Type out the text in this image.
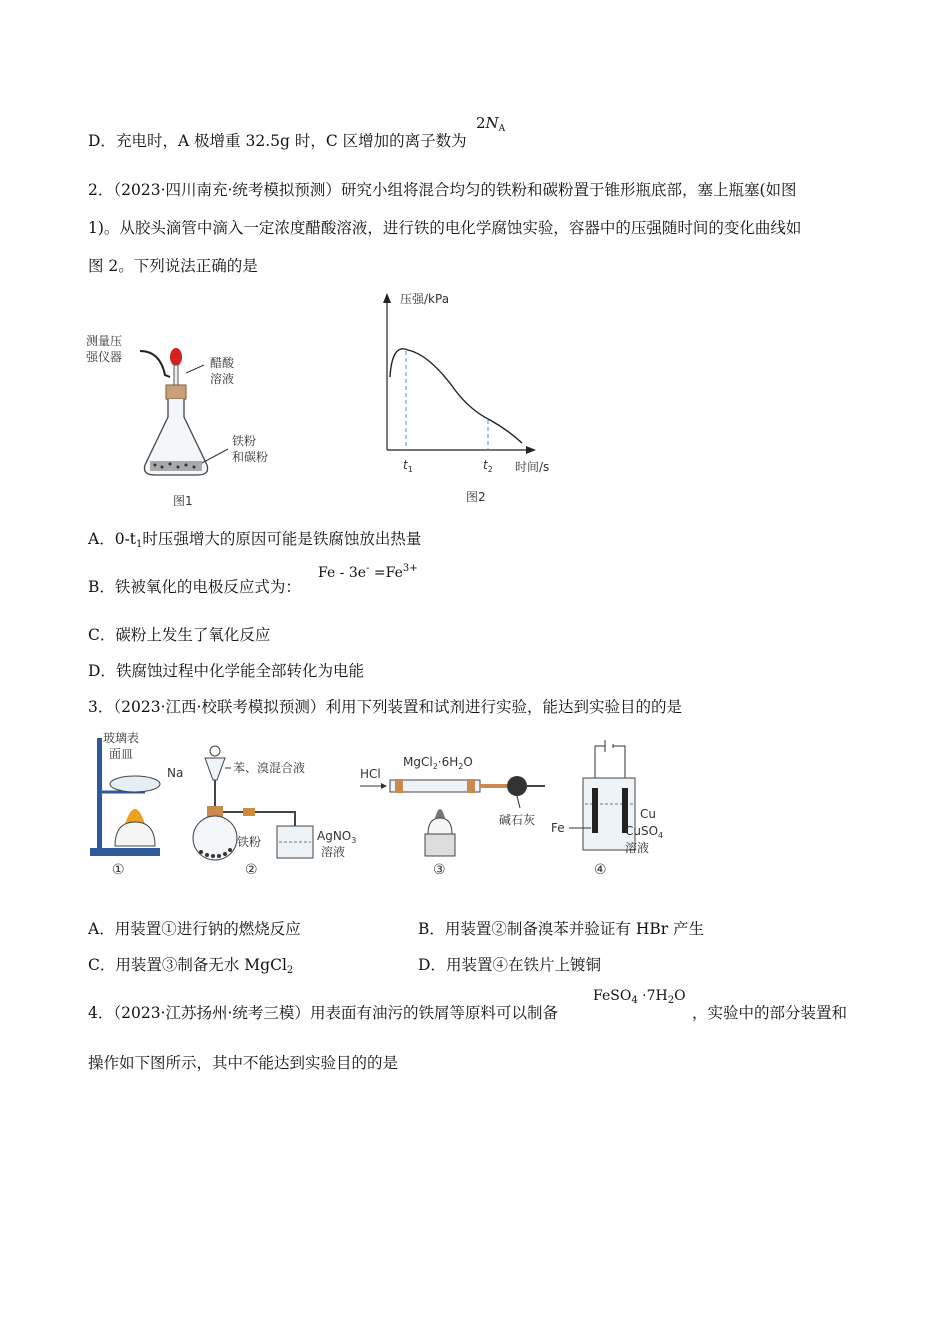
D．充电时，A 极增重 32.5g 时，C 区增加的离子数为
$2N_A$
2．（2023·四川南充·统考模拟预测）研究小组将混合均匀的铁粉和碳粉置于锥形瓶底部，塞上瓶塞(如图
1)。从胶头滴管中滴入一定浓度醋酸溶液，进行铁的电化学腐蚀实验，容器中的压强随时间的变化曲线如
图 2。下列说法正确的是
测量压
强仪器	醋酸
溶液
铁粉
和碳粉
图1
压强/kPa
$t_1$	$t_2$ 时间/s
图2
A．$0-t_1$时压强增大的原因可能是铁腐蚀放出热量
B．铁被氧化的电极反应式为：
$Fe - 3e^- =Fe^{3+}$
C．碳粉上发生了氧化反应
D．铁腐蚀过程中化学能全部转化为电能
3．（2023·江西·校联考模拟预测）利用下列装置和试剂进行实验，能达到实验目的的是
玻璃表
面皿
Na
①
苯、溴混合液
铁粉	AgNO$_3$
溶液
②
HCl
$MgCl_2\cdot 6H_2O$
碱石灰
③
Fe
Cu
CuSO$_4$
溶液
④
A．用装置①进行钠的燃烧反应	B．用装置②制备溴苯并验证有 HBr 产生
C．用装置③制备无水 MgCl$_2$	D．用装置④在铁片上镀铜
4．（2023·江苏扬州·统考三模）用表面有油污的铁屑等原料可以制备
FeSO$_4$ $\cdot 7H_2O$
，实验中的部分装置和
操作如下图所示，其中不能达到实验目的的是
